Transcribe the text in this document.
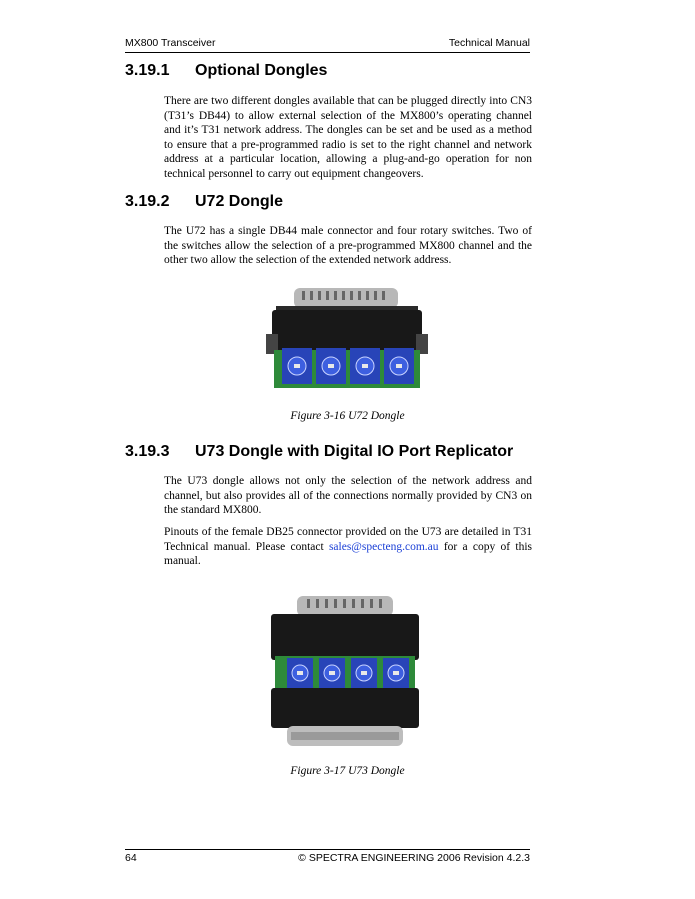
MX800 Transceiver	Technical Manual
3.19.1 Optional Dongles

There are two different dongles available that can be plugged directly into CN3 (T31’s DB44) to allow external selection of the MX800’s operating channel and it’s T31 network address. The dongles can be set and be used as a method to ensure that a pre-programmed radio is set to the right channel and network address at a particular location, allowing a plug-and-go operation for non technical personnel to carry out equipment changeovers.

3.19.2 U72 Dongle

The U72 has a single DB44 male connector and four rotary switches. Two of the switches allow the selection of a pre-programmed MX800 channel and the other two allow the selection of the extended network address.

Figure 3-16 U72 Dongle
3.19.3 U73 Dongle with Digital IO Port Replicator

The U73 dongle allows not only the selection of the network address and channel, but also provides all of the connections normally provided by CN3 on the standard MX800.

Pinouts of the female DB25 connector provided on the U73 are detailed in T31 Technical manual. Please contact sales@specteng.com.au for a copy of this manual.

Figure 3-17 U73 Dongle
64	© SPECTRA ENGINEERING 2006 Revision 4.2.3
